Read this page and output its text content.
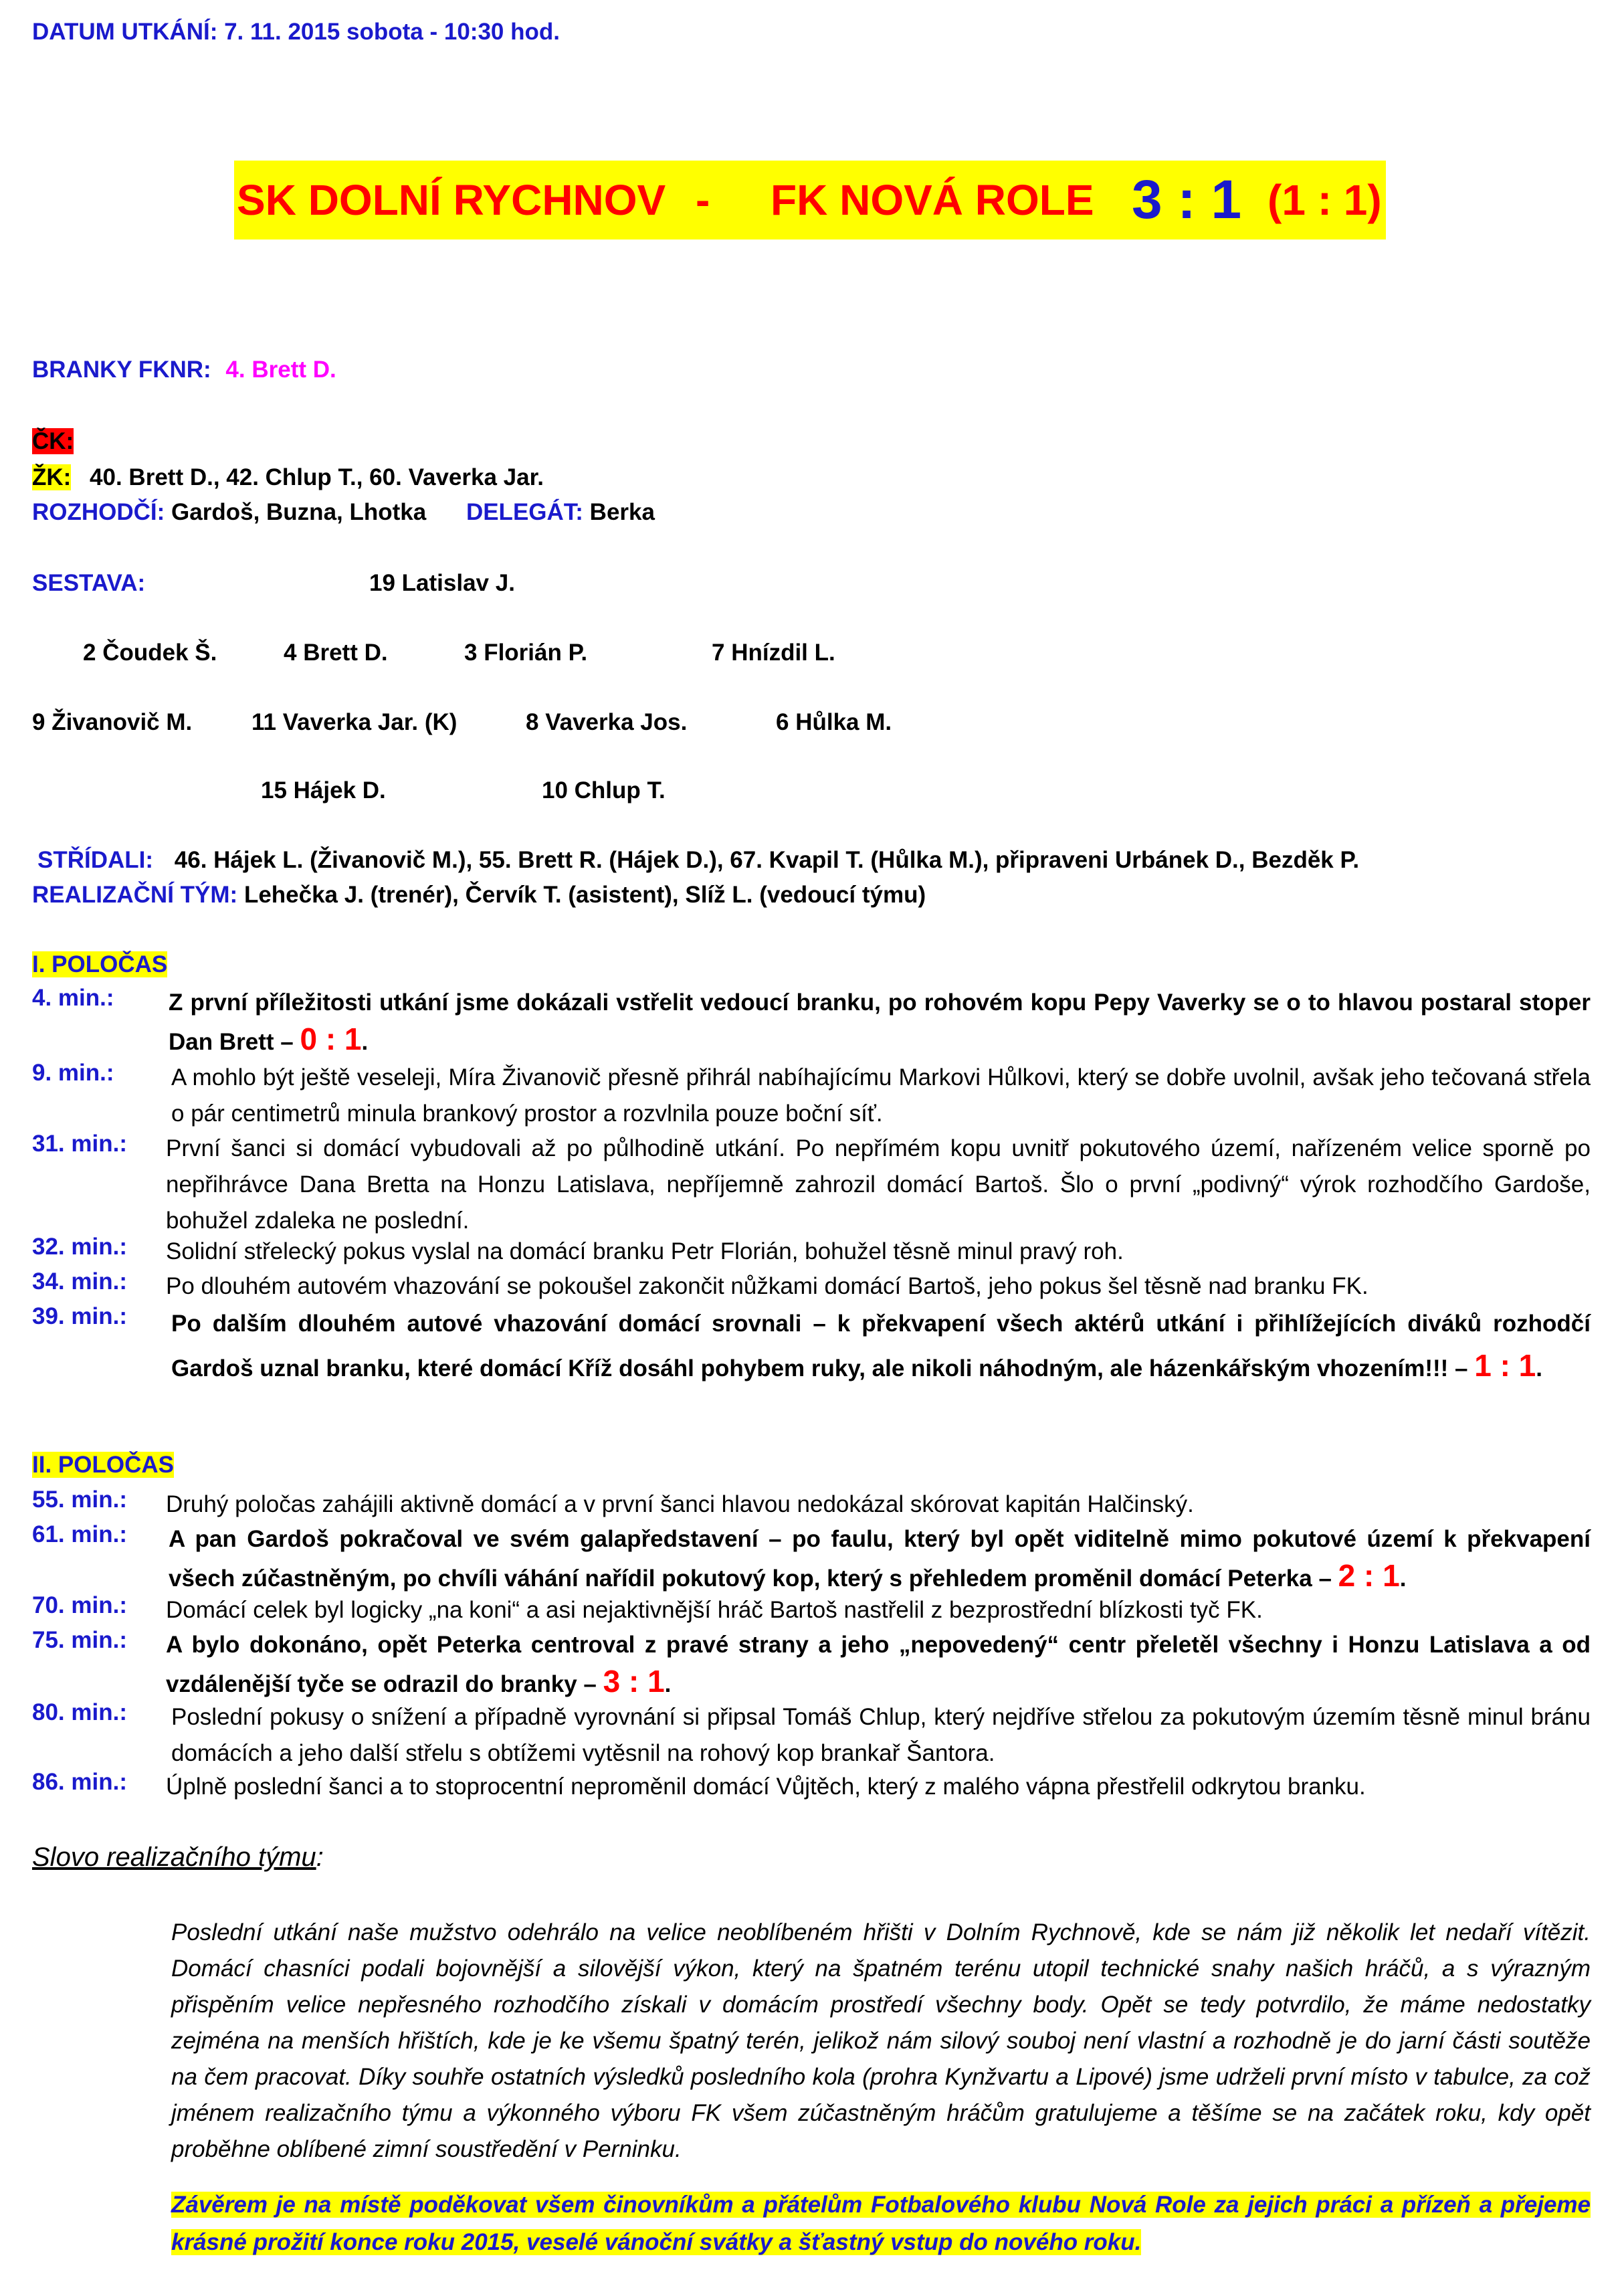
DATUM UTKÁNÍ: 7. 11. 2015 sobota - 10:30 hod.
SK DOLNÍ RYCHNOV - FK NOVÁ ROLE 3 : 1 (1 : 1)
BRANKY FKNR: 4. Brett D.
ČK:
ŽK: 40. Brett D., 42. Chlup T., 60. Vaverka Jar.
ROZHODČÍ: Gardoš, Buzna, Lhotka DELEGÁT: Berka
SESTAVA:	19 Latislav J.
2 Čoudek Š.	4 Brett D.	3 Florián P.	7 Hnízdil L.
9 Živanovič M.	11 Vaverka Jar. (K)	8 Vaverka Jos.	6 Hůlka M.
15 Hájek D.	10 Chlup T.
STŘÍDALI: 46. Hájek L. (Živanovič M.), 55. Brett R. (Hájek D.), 67. Kvapil T. (Hůlka M.), připraveni Urbánek D., Bezděk P.
REALIZAČNÍ TÝM: Lehečka J. (trenér), Červík T. (asistent), Slíž L. (vedoucí týmu)
I. POLOČAS
4. min.: Z první příležitosti utkání jsme dokázali vstřelit vedoucí branku, po rohovém kopu Pepy Vaverky se o to hlavou postaral stoper Dan Brett – 0 : 1.
9. min.: A mohlo být ještě veseleji, Míra Živanovič přesně přihrál nabíhajícímu Markovi Hůlkovi, který se dobře uvolnil, avšak jeho tečovaná střela o pár centimetrů minula brankový prostor a rozvlnila pouze boční síť.
31. min.: První šanci si domácí vybudovali až po půlhodině utkání. Po nepřímém kopu uvnitř pokutového území, nařízeném velice sporně po nepřihrávce Dana Bretta na Honzu Latislava, nepříjemně zahrozil domácí Bartoš. Šlo o první „podivný“ výrok rozhodčího Gardoše, bohužel zdaleka ne poslední.
32. min.: Solidní střelecký pokus vyslal na domácí branku Petr Florián, bohužel těsně minul pravý roh.
34. min.: Po dlouhém autovém vhazování se pokoušel zakončit nůžkami domácí Bartoš, jeho pokus šel těsně nad branku FK.
39. min.: Po dalším dlouhém autové vhazování domácí srovnali – k překvapení všech aktérů utkání i přihlížejících diváků rozhodčí Gardoš uznal branku, které domácí Kříž dosáhl pohybem ruky, ale nikoli náhodným, ale házenkářským vhozením!!! – 1 : 1.
II. POLOČAS
55. min.: Druhý poločas zahájili aktivně domácí a v první šanci hlavou nedokázal skórovat kapitán Halčinský.
61. min.: A pan Gardoš pokračoval ve svém galapředstavení – po faulu, který byl opět viditelně mimo pokutové území k překvapení všech zúčastněným, po chvíli váhání nařídil pokutový kop, který s přehledem proměnil domácí Peterka – 2 : 1.
70. min.: Domácí celek byl logicky „na koni“ a asi nejaktivnější hráč Bartoš nastřelil z bezprostřední blízkosti tyč FK.
75. min.: A bylo dokonáno, opět Peterka centroval z pravé strany a jeho „nepovedený“ centr přeletěl všechny i Honzu Latislava a od vzdálenější tyče se odrazil do branky – 3 : 1.
80. min.: Poslední pokusy o snížení a případně vyrovnání si připsal Tomáš Chlup, který nejdříve střelou za pokutovým územím těsně minul bránu domácích a jeho další střelu s obtížemi vytěsnil na rohový kop brankař Šantora.
86. min.: Úplně poslední šanci a to stoprocentní neproměnil domácí Vůjtěch, který z malého vápna přestřelil odkrytou branku.
Slovo realizačního týmu:
Poslední utkání naše mužstvo odehrálo na velice neoblíbeném hřišti v Dolním Rychnově, kde se nám již několik let nedaří vítězit. Domácí chasníci podali bojovnější a silovější výkon, který na špatném terénu utopil technické snahy našich hráčů, a s výrazným přispěním velice nepřesného rozhodčího získali v domácím prostředí všechny body. Opět se tedy potvrdilo, že máme nedostatky zejména na menších hřištích, kde je ke všemu špatný terén, jelikož nám silový souboj není vlastní a rozhodně je do jarní části soutěže na čem pracovat. Díky souhře ostatních výsledků posledního kola (prohra Kynžvartu a Lipové) jsme udrželi první místo v tabulce, za což jménem realizačního týmu a výkonného výboru FK všem zúčastněným hráčům gratulujeme a těšíme se na začátek roku, kdy opět proběhne oblíbené zimní soustředění v Perninku.
Závěrem je na místě poděkovat všem činovníkům a přátelům Fotbalového klubu Nová Role za jejich práci a přízeň a přejeme krásné prožití konce roku 2015, veselé vánoční svátky a šťastný vstup do nového roku.
